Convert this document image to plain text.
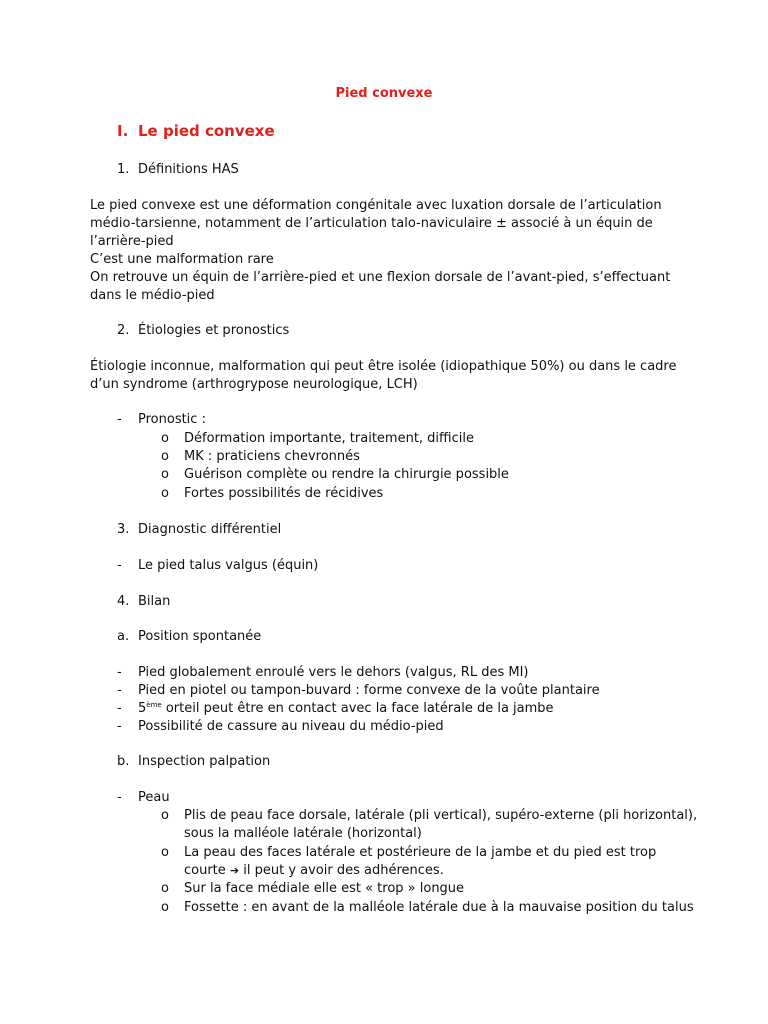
Pied convexe
I. Le pied convexe
1. Définitions HAS
Le pied convexe est une déformation congénitale avec luxation dorsale de l’articulation
médio-tarsienne, notamment de l’articulation talo-naviculaire ± associé à un équin de
l’arrière-pied
C’est une malformation rare
On retrouve un équin de l’arrière-pied et une flexion dorsale de l’avant-pied, s’effectuant
dans le médio-pied
2. Étiologies et pronostics
Étiologie inconnue, malformation qui peut être isolée (idiopathique 50%) ou dans le cadre
d’un syndrome (arthrogrypose neurologique, LCH)
- Pronostic :
o Déformation importante, traitement, difficile
o MK : praticiens chevronnés
o Guérison complète ou rendre la chirurgie possible
o Fortes possibilités de récidives
3. Diagnostic différentiel
- Le pied talus valgus (équin)
4. Bilan
a. Position spontanée
- Pied globalement enroulé vers le dehors (valgus, RL des MI)
- Pied en piotel ou tampon-buvard : forme convexe de la voûte plantaire
- 5ème orteil peut être en contact avec la face latérale de la jambe
- Possibilité de cassure au niveau du médio-pied
b. Inspection palpation
- Peau
o Plis de peau face dorsale, latérale (pli vertical), supéro-externe (pli horizontal),
sous la malléole latérale (horizontal)
o La peau des faces latérale et postérieure de la jambe et du pied est trop
courte ➔ il peut y avoir des adhérences.
o Sur la face médiale elle est « trop » longue
o Fossette : en avant de la malléole latérale due à la mauvaise position du talus
